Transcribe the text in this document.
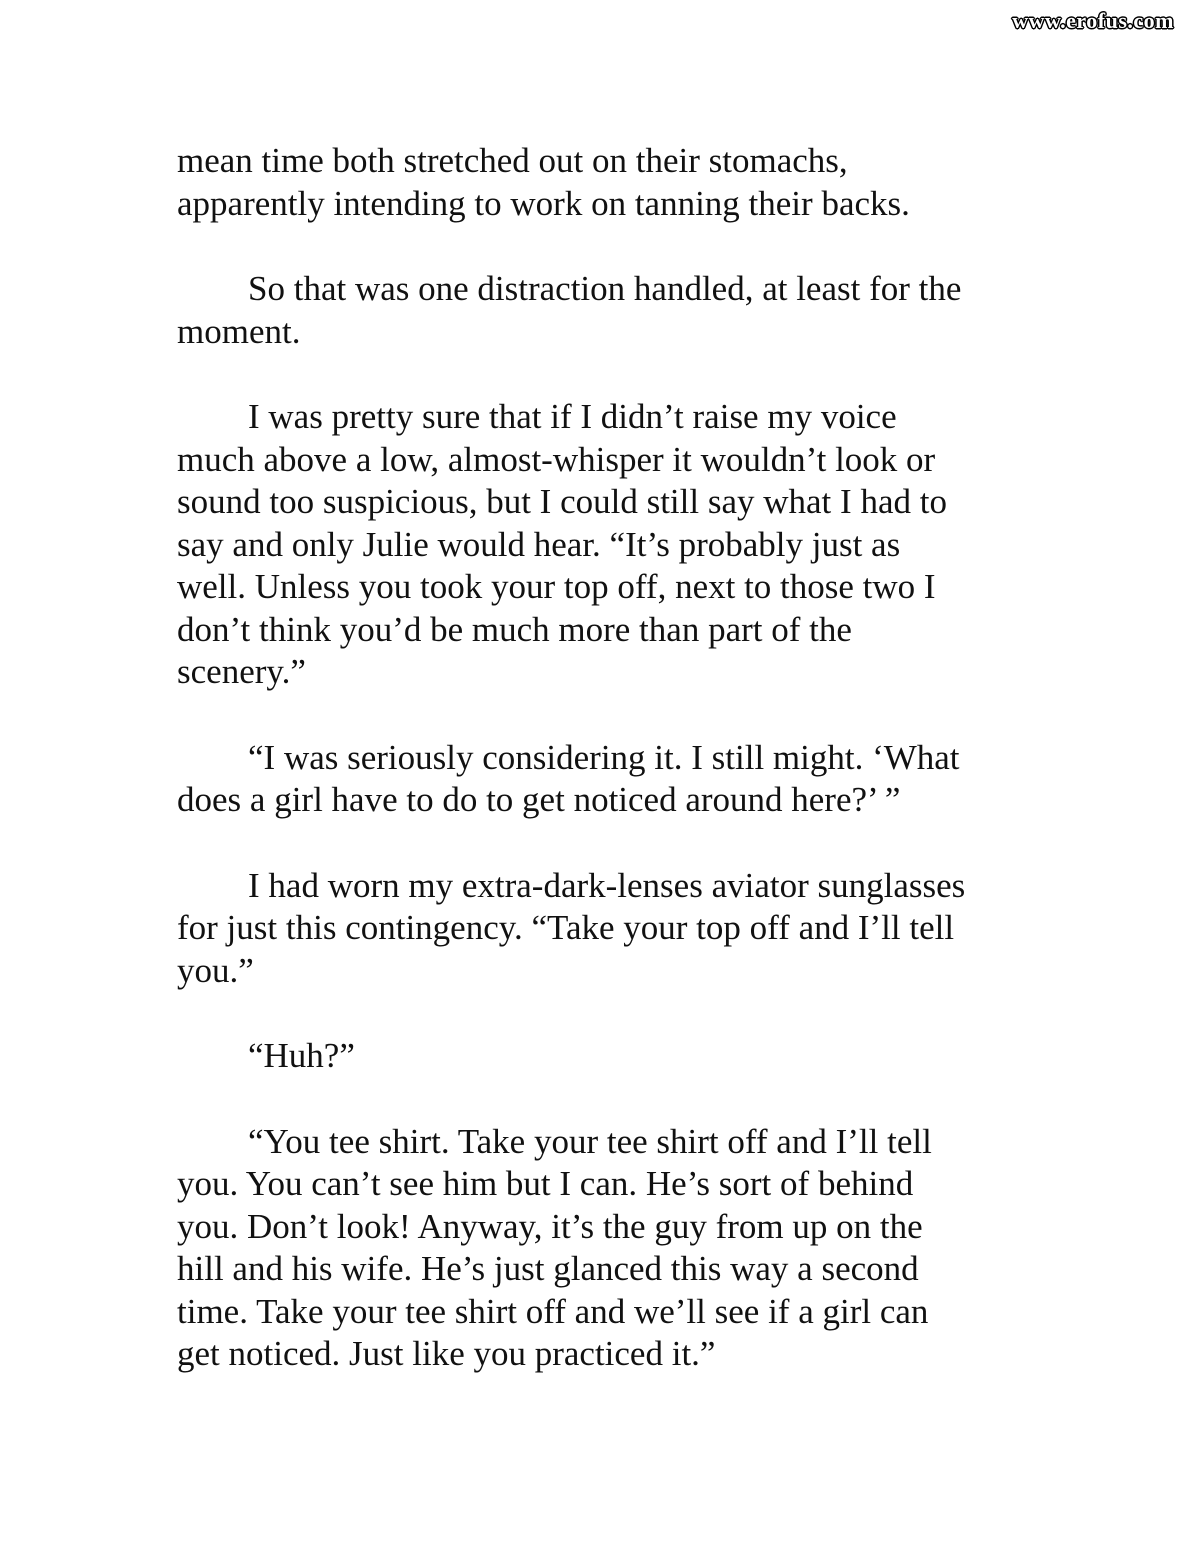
www.erofus.com

mean time both stretched out on their stomachs,
apparently intending to work on tanning their backs.

So that was one distraction handled, at least for the
moment.

I was pretty sure that if I didn’t raise my voice
much above a low, almost-whisper it wouldn’t look or
sound too suspicious, but I could still say what I had to
say and only Julie would hear. “It’s probably just as
well. Unless you took your top off, next to those two I
don’t think you’d be much more than part of the
scenery.”

“I was seriously considering it. I still might. ‘What
does a girl have to do to get noticed around here?’ ”

I had worn my extra-dark-lenses aviator sunglasses
for just this contingency. “Take your top off and I’ll tell
you.”

“Huh?”

“You tee shirt. Take your tee shirt off and I’ll tell
you. You can’t see him but I can. He’s sort of behind
you. Don’t look! Anyway, it’s the guy from up on the
hill and his wife. He’s just glanced this way a second
time. Take your tee shirt off and we’ll see if a girl can
get noticed. Just like you practiced it.”
